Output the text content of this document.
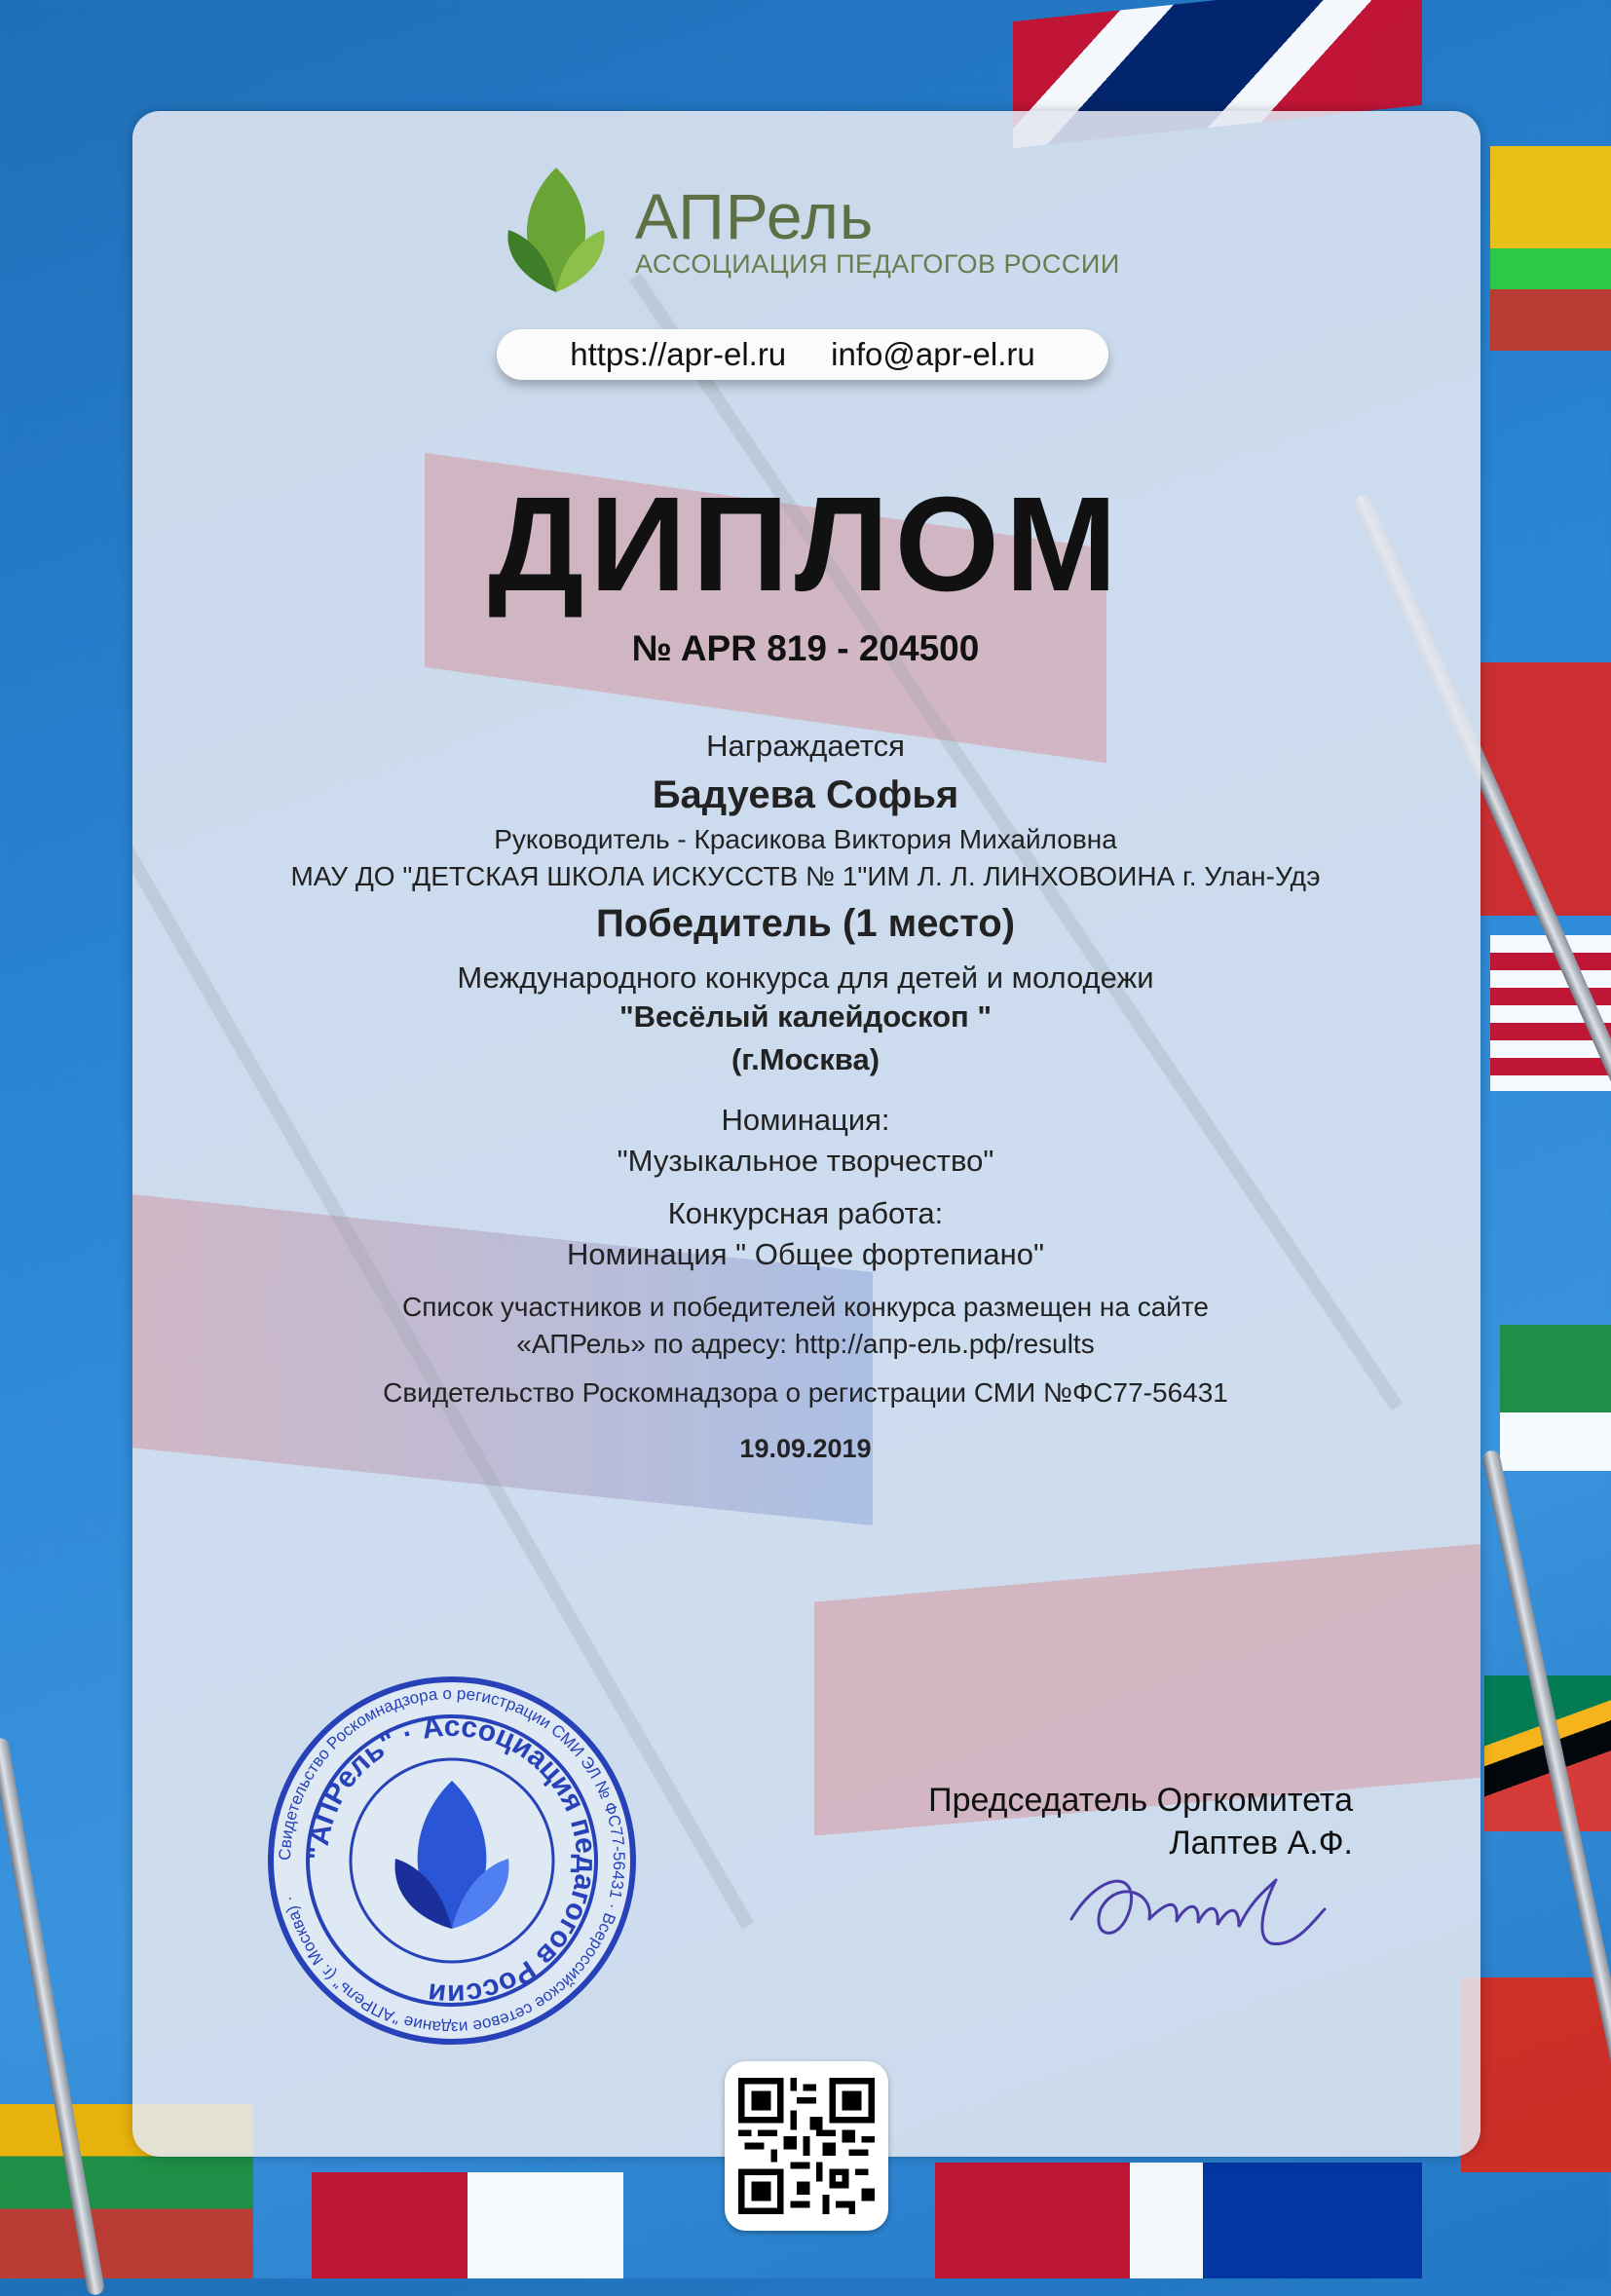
АПРель
АССОЦИАЦИЯ ПЕДАГОГОВ РОССИИ
https://apr-el.ru info@apr-el.ru
ДИПЛОМ
№ APR 819 - 204500
Награждается
Бадуева Софья
Руководитель - Красикова Виктория Михайловна
МАУ ДО "ДЕТСКАЯ ШКОЛА ИСКУССТВ № 1"ИМ Л. Л. ЛИНХОВОИНА г. Улан-Удэ
Победитель (1 место)
Международного конкурса для детей и молодежи
"Весёлый калейдоскоп "
(г.Москва)
Номинация:
"Музыкальное творчество"
Конкурсная работа:
Номинация " Общее фортепиано"
Список участников и победителей конкурса размещен на сайте
«АПРель» по адресу: http://апр-ель.рф/results
Свидетельство Роскомнадзора о регистрации СМИ №ФС77-56431
19.09.2019
Свидетельство Роскомнадзора о регистрации СМИ ЭЛ № ФС77-56431 · Всероссийское сетевое издание "АПРель" (г. Москва) ·
"АПРель" · Ассоциация педагогов России
Председатель Оргкомитета
Лаптев А.Ф.
